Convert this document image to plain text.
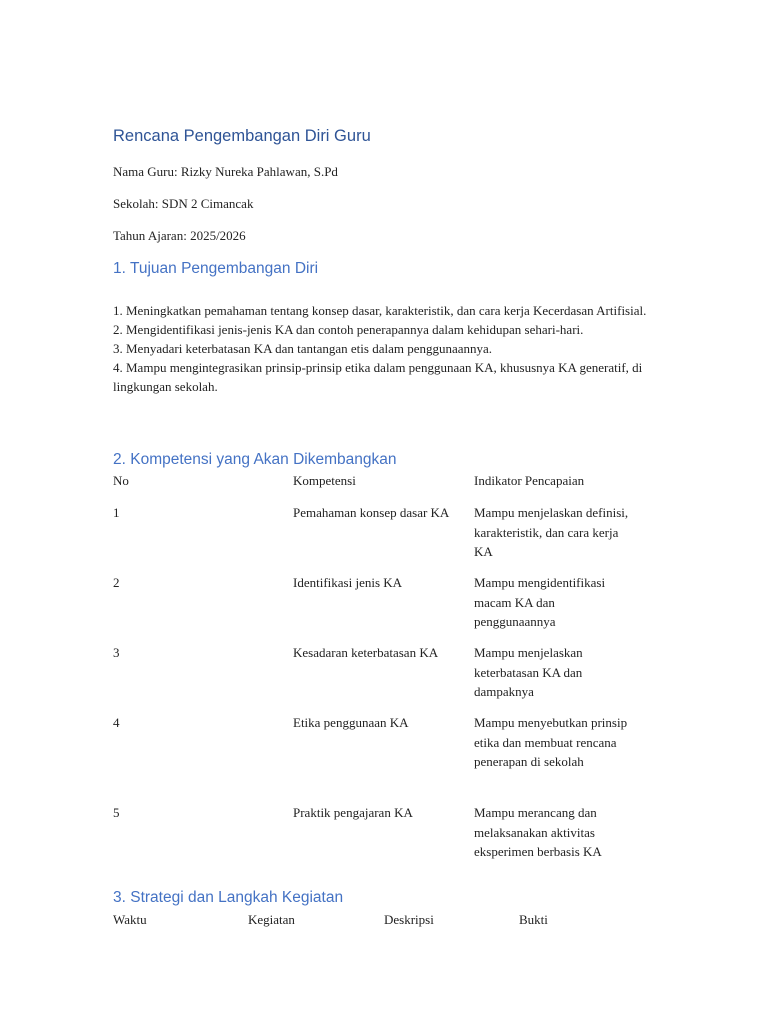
Rencana Pengembangan Diri Guru
Nama Guru: Rizky Nureka Pahlawan, S.Pd
Sekolah: SDN 2 Cimancak
Tahun Ajaran: 2025/2026
1. Tujuan Pengembangan Diri
1. Meningkatkan pemahaman tentang konsep dasar, karakteristik, dan cara kerja Kecerdasan Artifisial.
2. Mengidentifikasi jenis-jenis KA dan contoh penerapannya dalam kehidupan sehari-hari.
3. Menyadari keterbatasan KA dan tantangan etis dalam penggunaannya.
4. Mampu mengintegrasikan prinsip-prinsip etika dalam penggunaan KA, khususnya KA generatif, di lingkungan sekolah.
2. Kompetensi yang Akan Dikembangkan
No	Kompetensi	Indikator Pencapaian
1	Pemahaman konsep dasar KA	Mampu menjelaskan definisi, karakteristik, dan cara kerja KA
2	Identifikasi jenis KA	Mampu mengidentifikasi macam KA dan penggunaannya
3	Kesadaran keterbatasan KA	Mampu menjelaskan keterbatasan KA dan dampaknya
4	Etika penggunaan KA	Mampu menyebutkan prinsip etika dan membuat rencana penerapan di sekolah
5	Praktik pengajaran KA	Mampu merancang dan melaksanakan aktivitas eksperimen berbasis KA
3. Strategi dan Langkah Kegiatan
Waktu	Kegiatan	Deskripsi	Bukti
